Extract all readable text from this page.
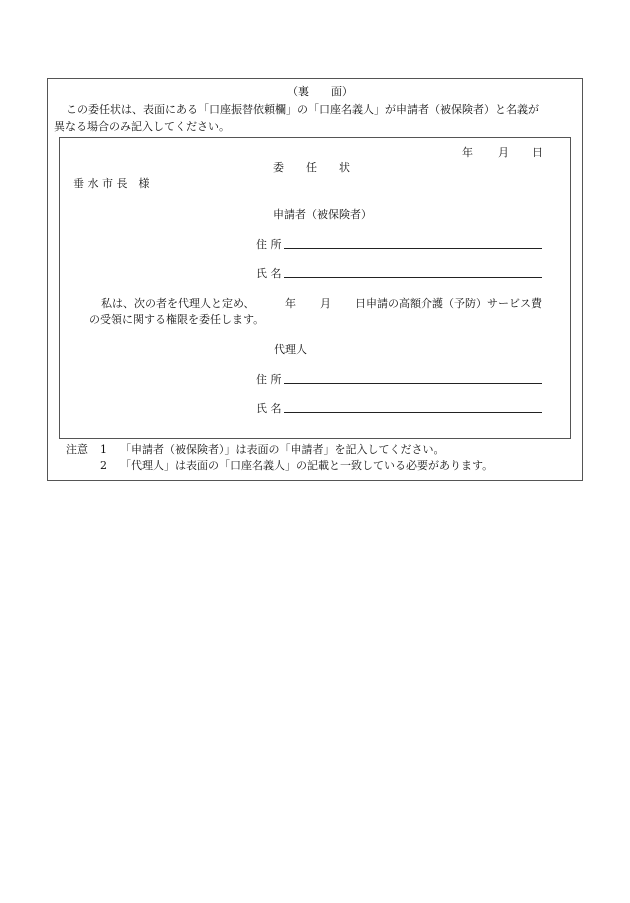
（裏　　面）
この委任状は、表面にある「口座振替依頼欄」の「口座名義人」が申請者（被保険者）と名義が
異なる場合のみ記入してください。
年 月 日
委　　任　　状
垂 水 市 長　様
申請者（被保険者）
住 所
氏 名
私は、次の者を代理人と定め、	年 月 日申請の高額介護（予防）サービス費
の受領に関する権限を委任します。
代理人
住 所
氏 名
注意 1 「申請者（被保険者）」は表面の「申請者」を記入してください。
2 「代理人」は表面の「口座名義人」の記載と一致している必要があります。
